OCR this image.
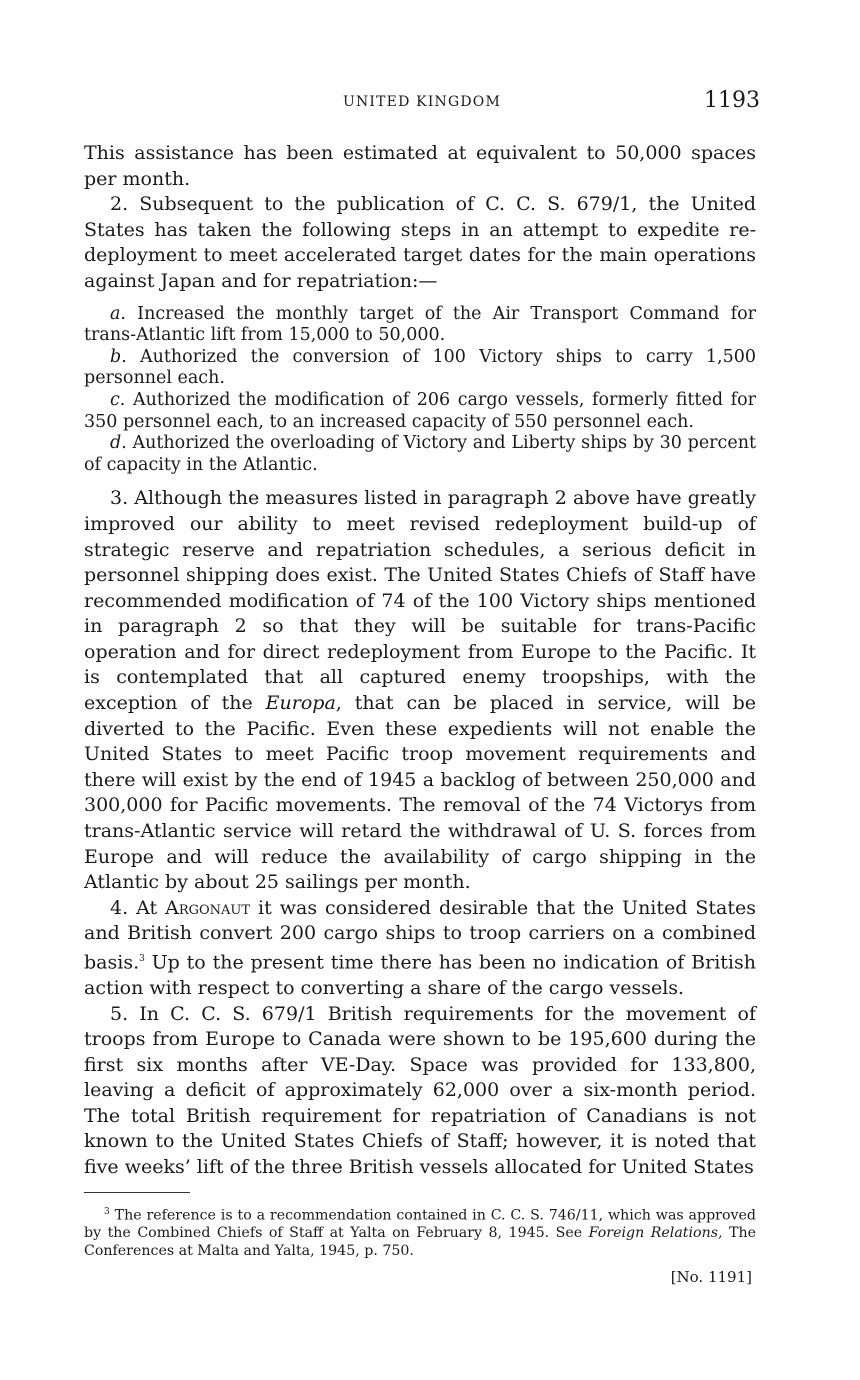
UNITED KINGDOM	1193

This assistance has been estimated at equivalent to 50,000 spaces per month.

2. Subsequent to the publication of C. C. S. 679/1, the United States has taken the following steps in an attempt to expedite redeployment to meet accelerated target dates for the main operations against Japan and for repatriation:—

a. Increased the monthly target of the Air Transport Command for trans-Atlantic lift from 15,000 to 50,000.

b. Authorized the conversion of 100 Victory ships to carry 1,500 personnel each.

c. Authorized the modification of 206 cargo vessels, formerly fitted for 350 personnel each, to an increased capacity of 550 personnel each.

d. Authorized the overloading of Victory and Liberty ships by 30 percent of capacity in the Atlantic.

3. Although the measures listed in paragraph 2 above have greatly improved our ability to meet revised redeployment build-up of strategic reserve and repatriation schedules, a serious deficit in personnel shipping does exist. The United States Chiefs of Staff have recommended modification of 74 of the 100 Victory ships mentioned in paragraph 2 so that they will be suitable for trans-Pacific operation and for direct redeployment from Europe to the Pacific. It is contemplated that all captured enemy troopships, with the exception of the Europa, that can be placed in service, will be diverted to the Pacific. Even these expedients will not enable the United States to meet Pacific troop movement requirements and there will exist by the end of 1945 a backlog of between 250,000 and 300,000 for Pacific movements. The removal of the 74 Victorys from trans-Atlantic service will retard the withdrawal of U. S. forces from Europe and will reduce the availability of cargo shipping in the Atlantic by about 25 sailings per month.

4. At Argonaut it was considered desirable that the United States and British convert 200 cargo ships to troop carriers on a combined basis.$^3$ Up to the present time there has been no indication of British action with respect to converting a share of the cargo vessels.

5. In C. C. S. 679/1 British requirements for the movement of troops from Europe to Canada were shown to be 195,600 during the first six months after VE-Day. Space was provided for 133,800, leaving a deficit of approximately 62,000 over a six-month period. The total British requirement for repatriation of Canadians is not known to the United States Chiefs of Staff; however, it is noted that five weeks’ lift of the three British vessels allocated for United States

$^3$ The reference is to a recommendation contained in C. C. S. 746/11, which was approved by the Combined Chiefs of Staff at Yalta on February 8, 1945. See Foreign Relations, The Conferences at Malta and Yalta, 1945, p. 750.

[No. 1191]
